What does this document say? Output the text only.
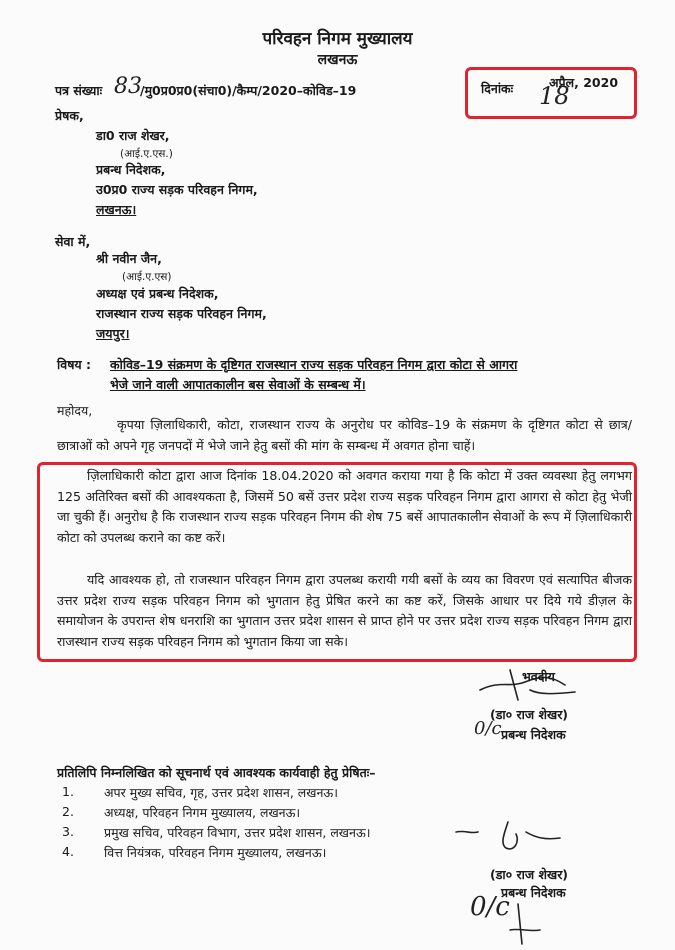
परिवहन निगम मुख्यालय
लखनऊ
पत्र संख्याः 83
/मु0प्र0प्र0(संचा0)/कैम्प/2020–कोविड–19	दिनांकः 18
अप्रैल, 2020
प्रेषक,
डा0 राज शेखर,
(आई.ए.एस.)
प्रबन्ध निदेशक,
उ0प्र0 राज्य सड़क परिवहन निगम,
लखनऊ।
सेवा में,
श्री नवीन जैन,
(आई.ए.एस)
अध्यक्ष एवं प्रबन्ध निदेशक,
राजस्थान राज्य सड़क परिवहन निगम,
जयपुर।
विषय : कोविड–19 संक्रमण के दृष्टिगत राजस्थान राज्य सड़क परिवहन निगम द्वारा कोटा से आगरा
भेजे जाने वाली आपातकालीन बस सेवाओं के सम्बन्ध में।
महोदय,
कृपया ज़िलाधिकारी, कोटा, राजस्थान राज्य के अनुरोध पर कोविड–19 के संक्रमण के दृष्टिगत कोटा से छात्र/छात्राओं को अपने गृह जनपदों में भेजे जाने हेतु बसों की मांग के सम्बन्ध में अवगत होना चाहें।
ज़िलाधिकारी कोटा द्वारा आज दिनांक 18.04.2020 को अवगत कराया गया है कि कोटा में उक्त व्यवस्था हेतु लगभग 125 अतिरिक्त बसों की आवश्यकता है, जिसमें 50 बसें उत्तर प्रदेश राज्य सड़क परिवहन निगम द्वारा आगरा से कोटा हेतु भेजी जा चुकी हैं। अनुरोध है कि राजस्थान राज्य सड़क परिवहन निगम की शेष 75 बसें आपातकालीन सेवाओं के रूप में ज़िलाधिकारी कोटा को उपलब्ध कराने का कष्ट करें।
यदि आवश्यक हो, तो राजस्थान परिवहन निगम द्वारा उपलब्ध करायी गयी बसों के व्यय का विवरण एवं सत्यापित बीजक उत्तर प्रदेश राज्य सड़क परिवहन निगम को भुगतान हेतु प्रेषित करने का कष्ट करें, जिसके आधार पर दिये गये डीज़ल के समायोजन के उपरान्त शेष धनराशि का भुगतान उत्तर प्रदेश शासन से प्राप्त होने पर उत्तर प्रदेश राज्य सड़क परिवहन निगम द्वारा राजस्थान राज्य सड़क परिवहन निगम को भुगतान किया जा सके।
भवदीय
(डा० राज शेखर)
0/c प्रबन्ध निदेशक
प्रतिलिपि निम्नलिखित को सूचनार्थ एवं आवश्यक कार्यवाही हेतु प्रेषितः–
1. अपर मुख्य सचिव, गृह, उत्तर प्रदेश शासन, लखनऊ।
2. अध्यक्ष, परिवहन निगम मुख्यालय, लखनऊ।
3. प्रमुख सचिव, परिवहन विभाग, उत्तर प्रदेश शासन, लखनऊ।
4. वित्त नियंत्रक, परिवहन निगम मुख्यालय, लखनऊ।
(डा० राज शेखर)
0/c
प्रबन्ध निदेशक
